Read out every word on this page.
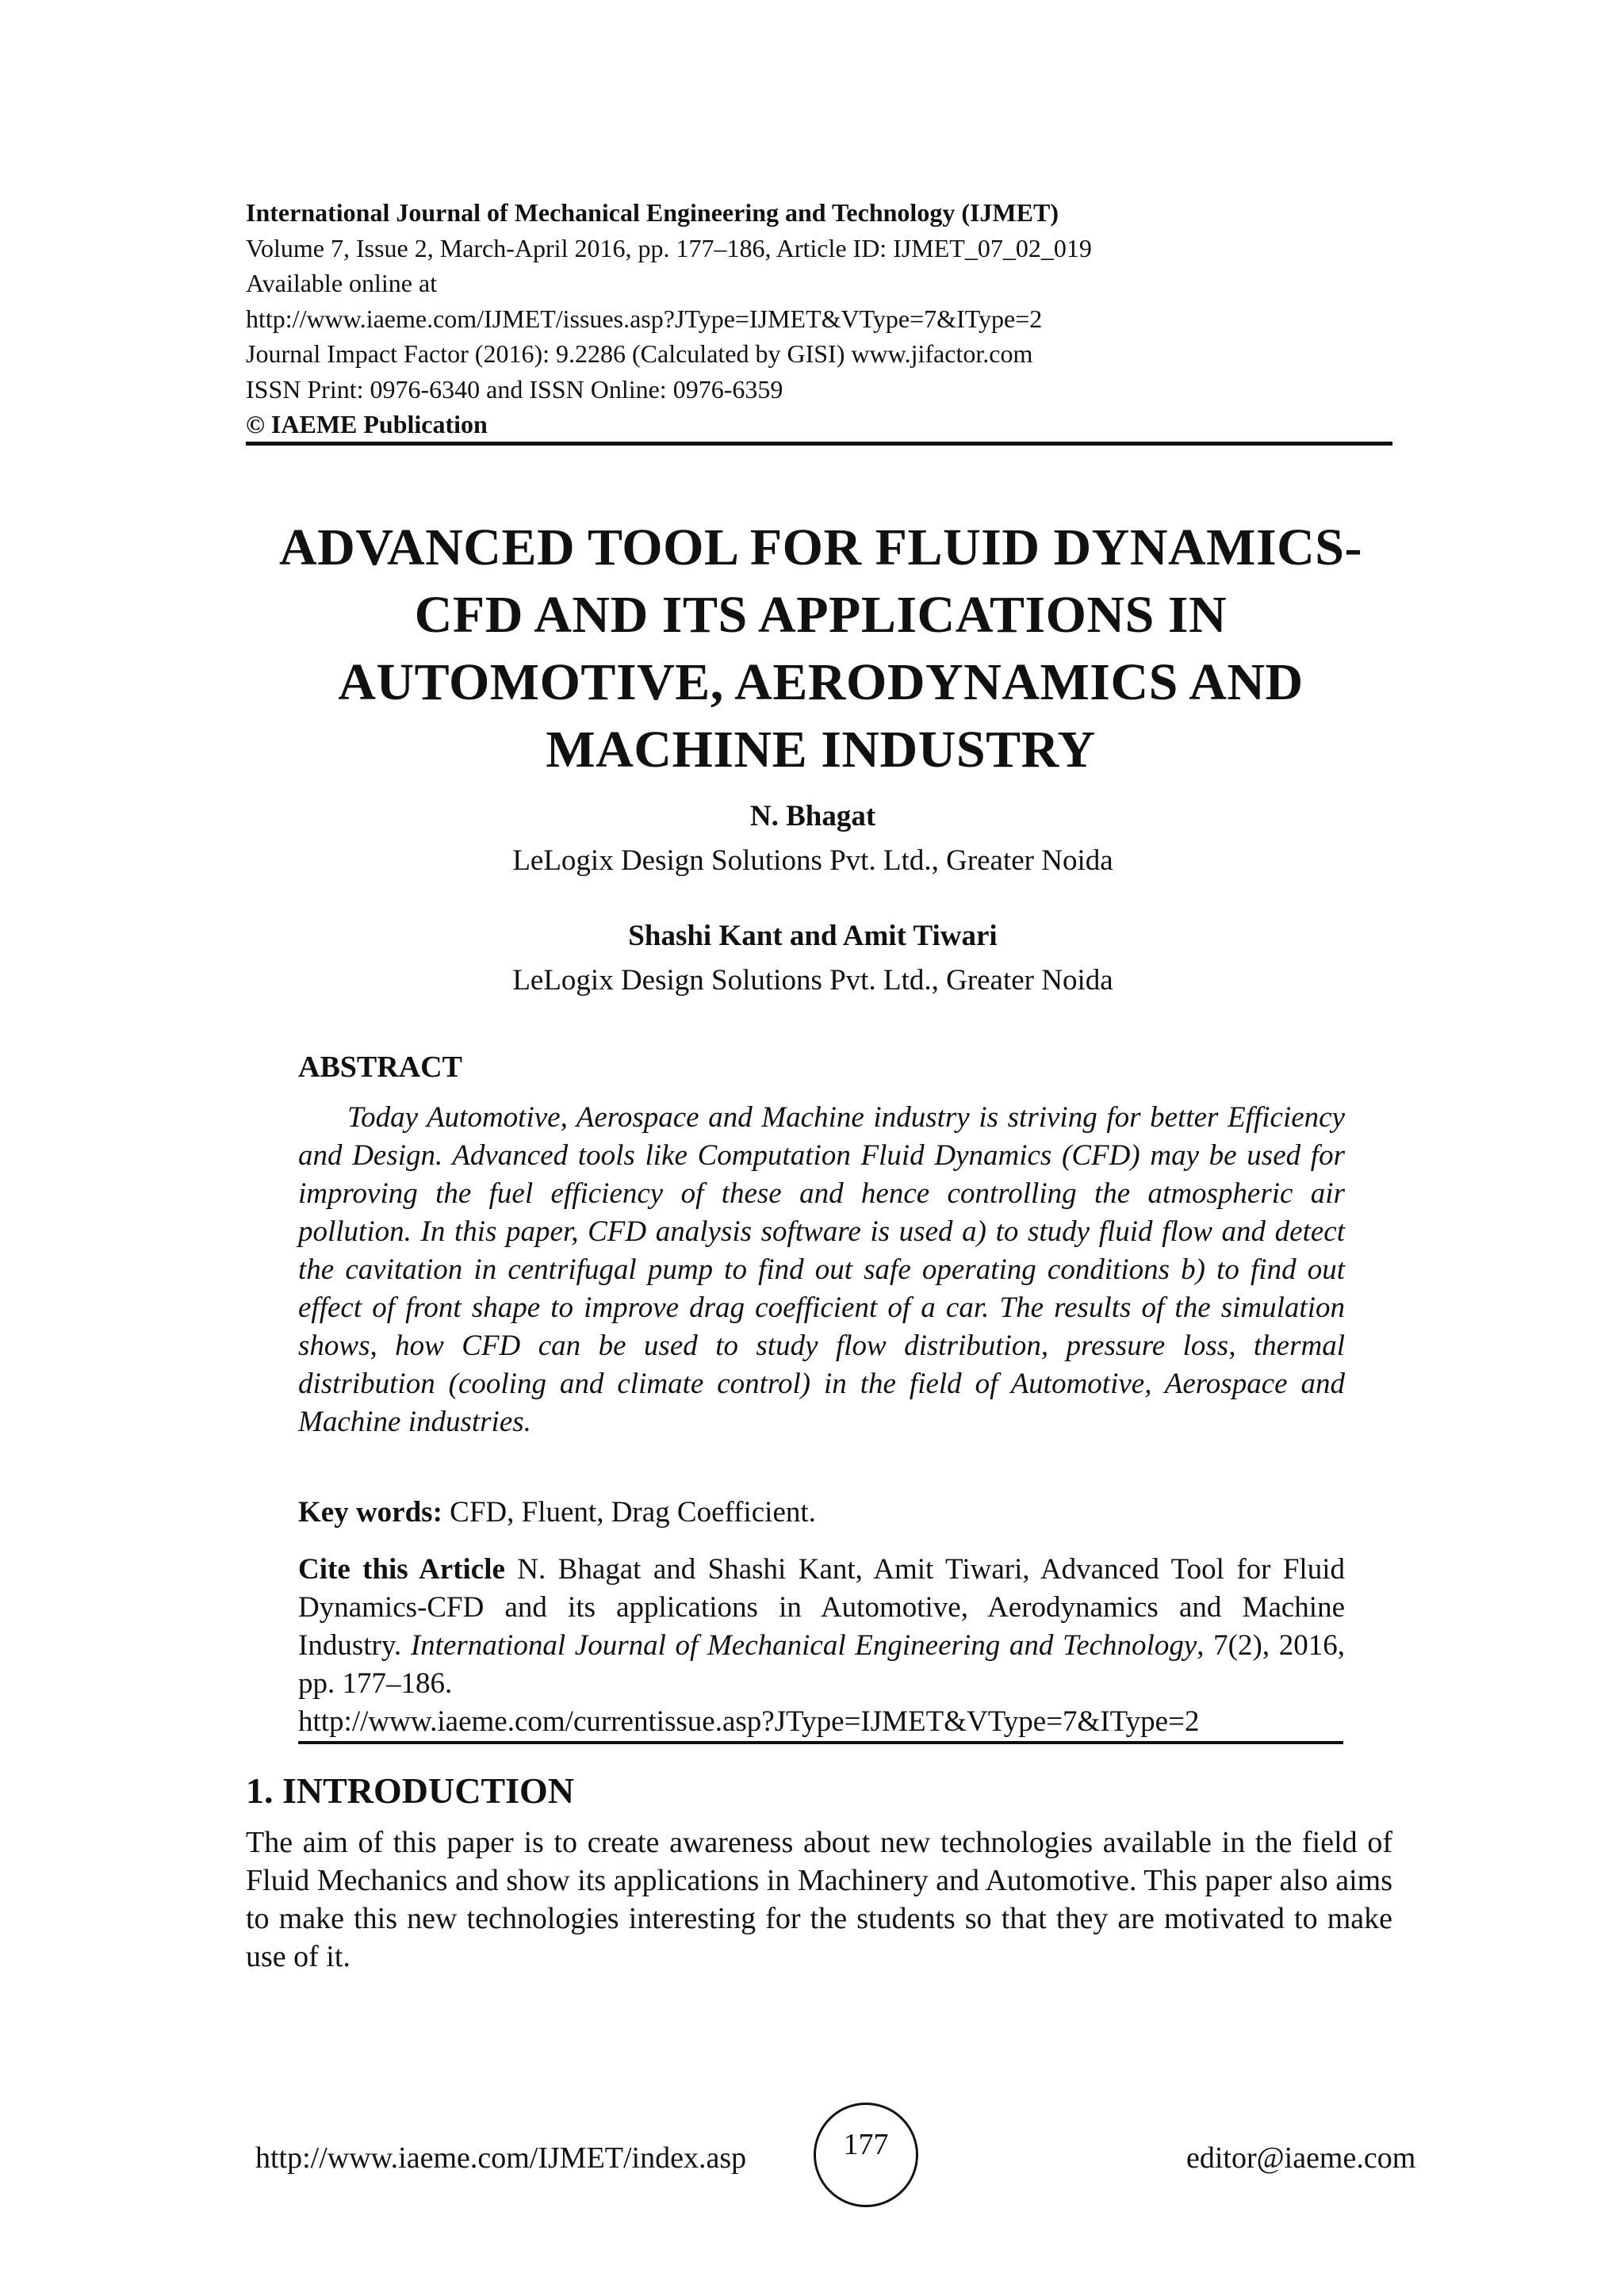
International Journal of Mechanical Engineering and Technology (IJMET)
Volume 7, Issue 2, March-April 2016, pp. 177–186, Article ID: IJMET_07_02_019
Available online at
http://www.iaeme.com/IJMET/issues.asp?JType=IJMET&VType=7&IType=2
Journal Impact Factor (2016): 9.2286 (Calculated by GISI) www.jifactor.com
ISSN Print: 0976-6340 and ISSN Online: 0976-6359
© IAEME Publication
ADVANCED TOOL FOR FLUID DYNAMICS-
CFD AND ITS APPLICATIONS IN
AUTOMOTIVE, AERODYNAMICS AND
MACHINE INDUSTRY
N. Bhagat
LeLogix Design Solutions Pvt. Ltd., Greater Noida
Shashi Kant and Amit Tiwari
LeLogix Design Solutions Pvt. Ltd., Greater Noida
ABSTRACT
Today Automotive, Aerospace and Machine industry is striving for better Efficiency and Design. Advanced tools like Computation Fluid Dynamics (CFD) may be used for improving the fuel efficiency of these and hence controlling the atmospheric air pollution. In this paper, CFD analysis software is used a) to study fluid flow and detect the cavitation in centrifugal pump to find out safe operating conditions b) to find out effect of front shape to improve drag coefficient of a car. The results of the simulation shows, how CFD can be used to study flow distribution, pressure loss, thermal distribution (cooling and climate control) in the field of Automotive, Aerospace and Machine industries.
Key words: CFD, Fluent, Drag Coefficient.
Cite this Article N. Bhagat and Shashi Kant, Amit Tiwari, Advanced Tool for Fluid Dynamics-CFD and its applications in Automotive, Aerodynamics and Machine Industry. International Journal of Mechanical Engineering and Technology, 7(2), 2016, pp. 177–186.
http://www.iaeme.com/currentissue.asp?JType=IJMET&VType=7&IType=2
1. INTRODUCTION
The aim of this paper is to create awareness about new technologies available in the field of Fluid Mechanics and show its applications in Machinery and Automotive. This paper also aims to make this new technologies interesting for the students so that they are motivated to make use of it.
http://www.iaeme.com/IJMET/index.asp	177	editor@iaeme.com
